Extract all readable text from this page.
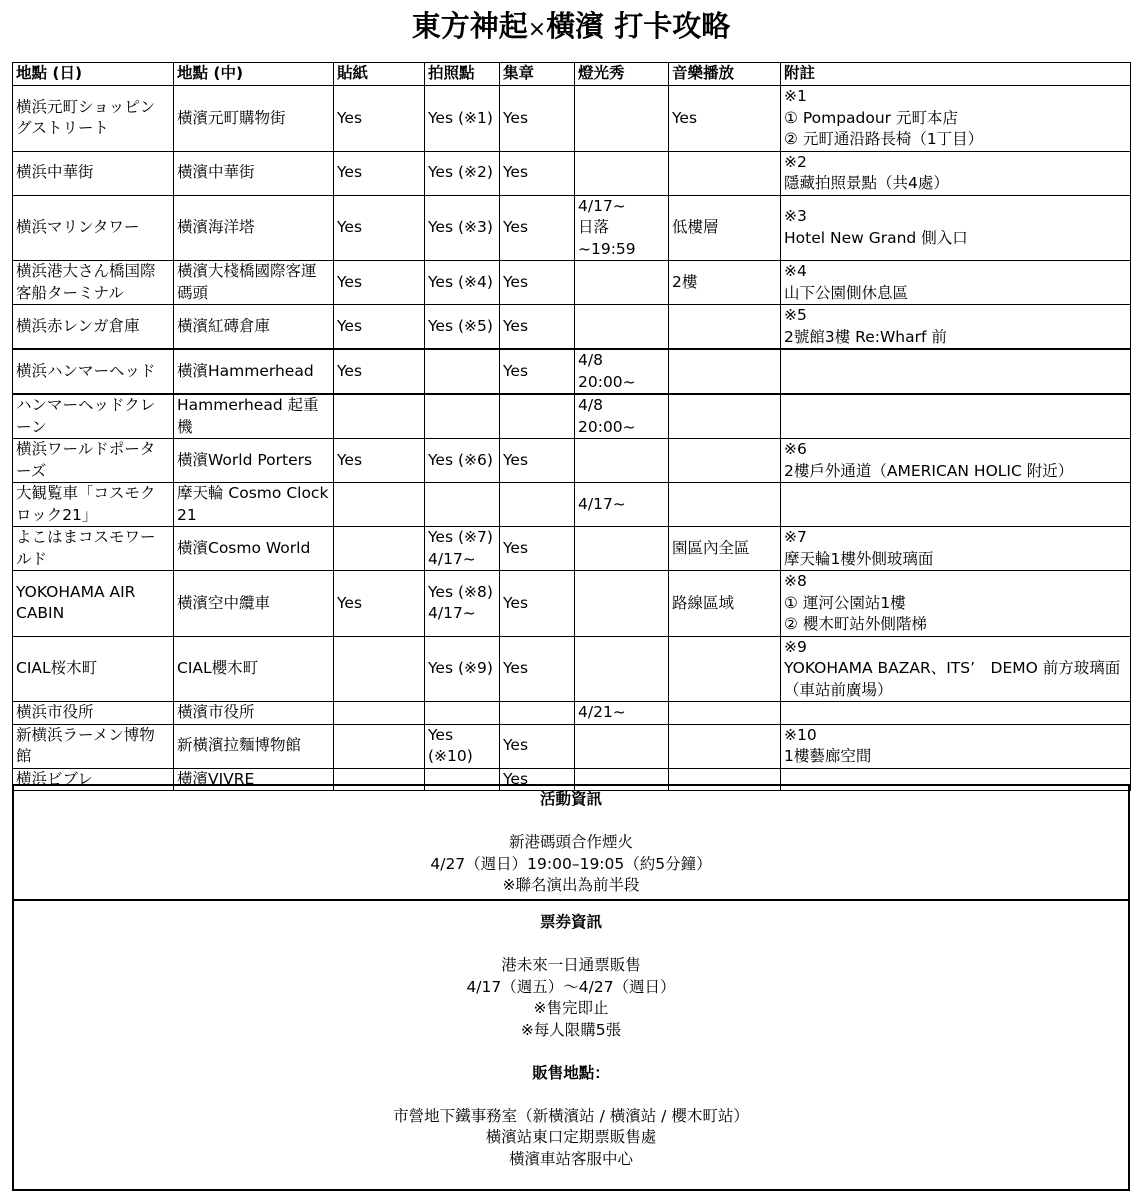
東方神起×橫濱 打卡攻略
地點 (日)	地點 (中)	貼紙	拍照點	集章	燈光秀	音樂播放	附註
横浜元町ショッピングストリート	橫濱元町購物街	Yes	Yes (※1)	Yes		Yes	※1
① Pompadour 元町本店
② 元町通沿路長椅（1丁目）
横浜中華街	橫濱中華街	Yes	Yes (※2)	Yes			※2
隱藏拍照景點（共4處）
横浜マリンタワー	橫濱海洋塔	Yes	Yes (※3)	Yes	4/17~
日落
~19:59	低樓層	※3
Hotel New Grand 側入口
横浜港大さん橋国際客船ターミナル	橫濱大棧橋國際客運碼頭	Yes	Yes (※4)	Yes		2樓	※4
山下公園側休息區
横浜赤レンガ倉庫	橫濱紅磚倉庫	Yes	Yes (※5)	Yes			※5
2號館3樓 Re:Wharf 前
横浜ハンマーヘッド	橫濱Hammerhead	Yes		Yes	4/8
20:00~		
ハンマーヘッドクレーン	Hammerhead 起重機				4/8
20:00~		
横浜ワールドポーターズ	橫濱World Porters	Yes	Yes (※6)	Yes			※6
2樓戶外通道（AMERICAN HOLIC 附近）
大観覧車「コスモクロック21」	摩天輪 Cosmo Clock 21				4/17~		
よこはまコスモワールド	橫濱Cosmo World		Yes (※7)
4/17~	Yes		園區內全區	※7
摩天輪1樓外側玻璃面
YOKOHAMA AIR CABIN	橫濱空中纜車	Yes	Yes (※8)
4/17~	Yes		路線區域	※8
① 運河公園站1樓
② 櫻木町站外側階梯
CIAL桜木町	CIAL櫻木町		Yes (※9)	Yes			※9
YOKOHAMA BAZAR、ITS’　DEMO 前方玻璃面（車站前廣場）
横浜市役所	橫濱市役所				4/21~		
新横浜ラーメン博物館	新橫濱拉麵博物館		Yes (※10)	Yes			※10
1樓藝廊空間
横浜ビブレ	橫濱VIVRE			Yes			
活動資訊
新港碼頭合作煙火
4/27（週日）19:00–19:05（約5分鐘）
※聯名演出為前半段
票券資訊
港未來一日通票販售
4/17（週五）～4/27（週日）
※售完即止
※每人限購5張
販售地點：
市營地下鐵事務室（新橫濱站 / 橫濱站 / 櫻木町站）
橫濱站東口定期票販售處
橫濱車站客服中心
